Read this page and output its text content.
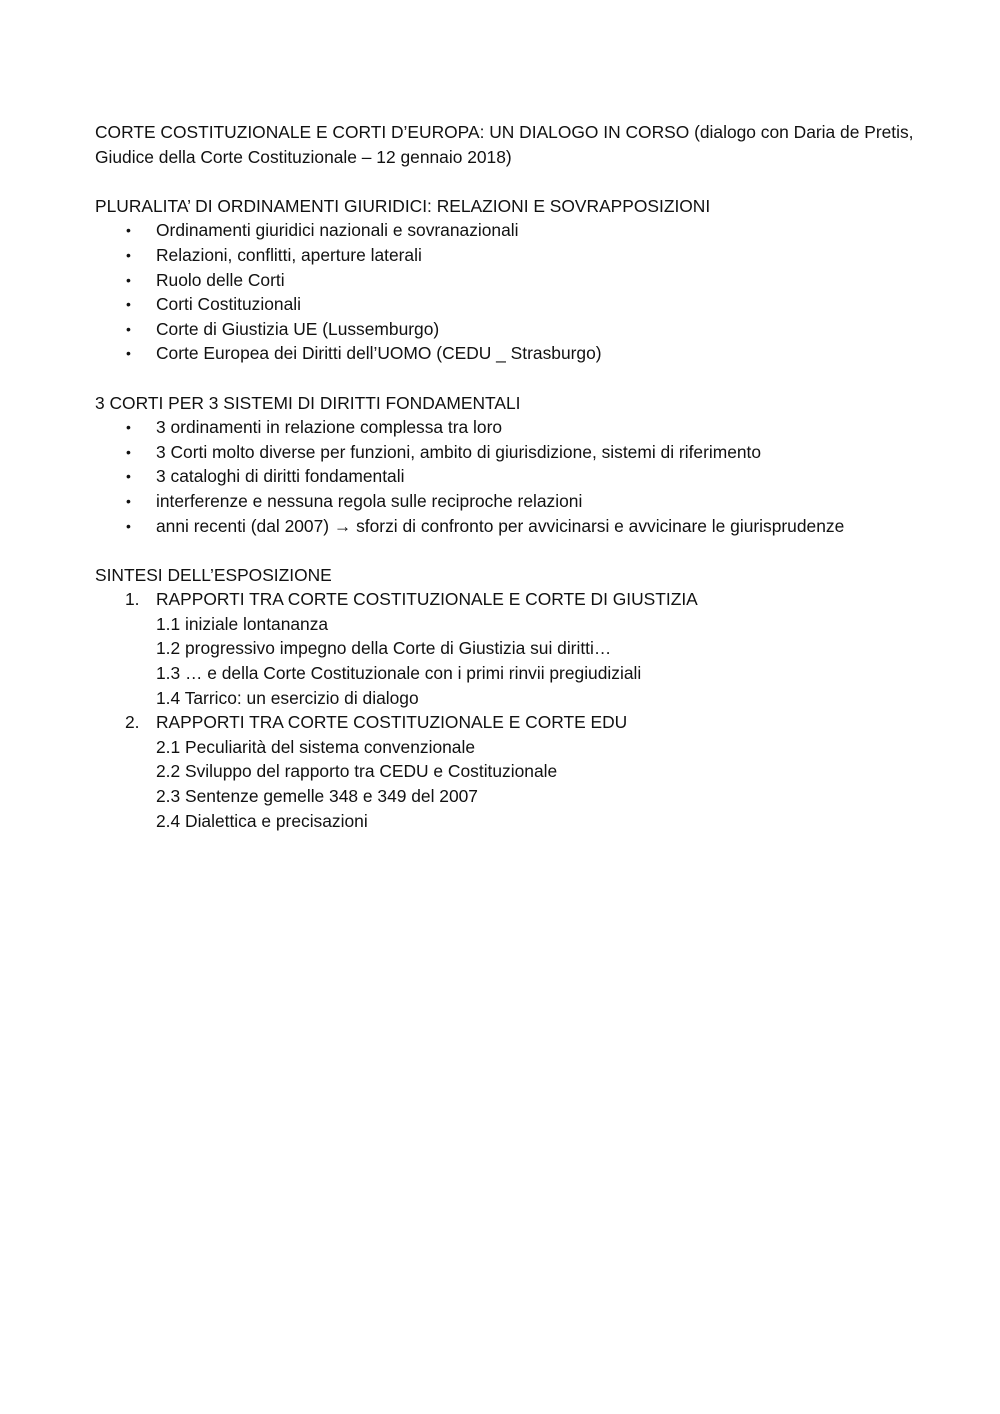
CORTE COSTITUZIONALE E CORTI D’EUROPA: UN DIALOGO IN CORSO (dialogo con Daria de Pretis, Giudice della Corte Costituzionale – 12 gennaio 2018)

PLURALITA’ DI ORDINAMENTI GIURIDICI: RELAZIONI E SOVRAPPOSIZIONI

• Ordinamenti giuridici nazionali e sovranazionali
• Relazioni, conflitti, aperture laterali
• Ruolo delle Corti
• Corti Costituzionali
• Corte di Giustizia UE (Lussemburgo)
• Corte Europea dei Diritti dell’UOMO (CEDU _ Strasburgo)

3 CORTI PER 3 SISTEMI DI DIRITTI FONDAMENTALI

• 3 ordinamenti in relazione complessa tra loro
• 3 Corti molto diverse per funzioni, ambito di giurisdizione, sistemi di riferimento
• 3 cataloghi di diritti fondamentali
• interferenze e nessuna regola sulle reciproche relazioni
• anni recenti (dal 2007) → sforzi di confronto per avvicinarsi e avvicinare le giurisprudenze

SINTESI DELL’ESPOSIZIONE

1. RAPPORTI TRA CORTE COSTITUZIONALE E CORTE DI GIUSTIZIA
1.1 iniziale lontananza
1.2 progressivo impegno della Corte di Giustizia sui diritti…
1.3 … e della Corte Costituzionale con i primi rinvii pregiudiziali
1.4 Tarrico: un esercizio di dialogo
2. RAPPORTI TRA CORTE COSTITUZIONALE E CORTE EDU
2.1 Peculiarità del sistema convenzionale
2.2 Sviluppo del rapporto tra CEDU e Costituzionale
2.3 Sentenze gemelle 348 e 349 del 2007
2.4 Dialettica e precisazioni
